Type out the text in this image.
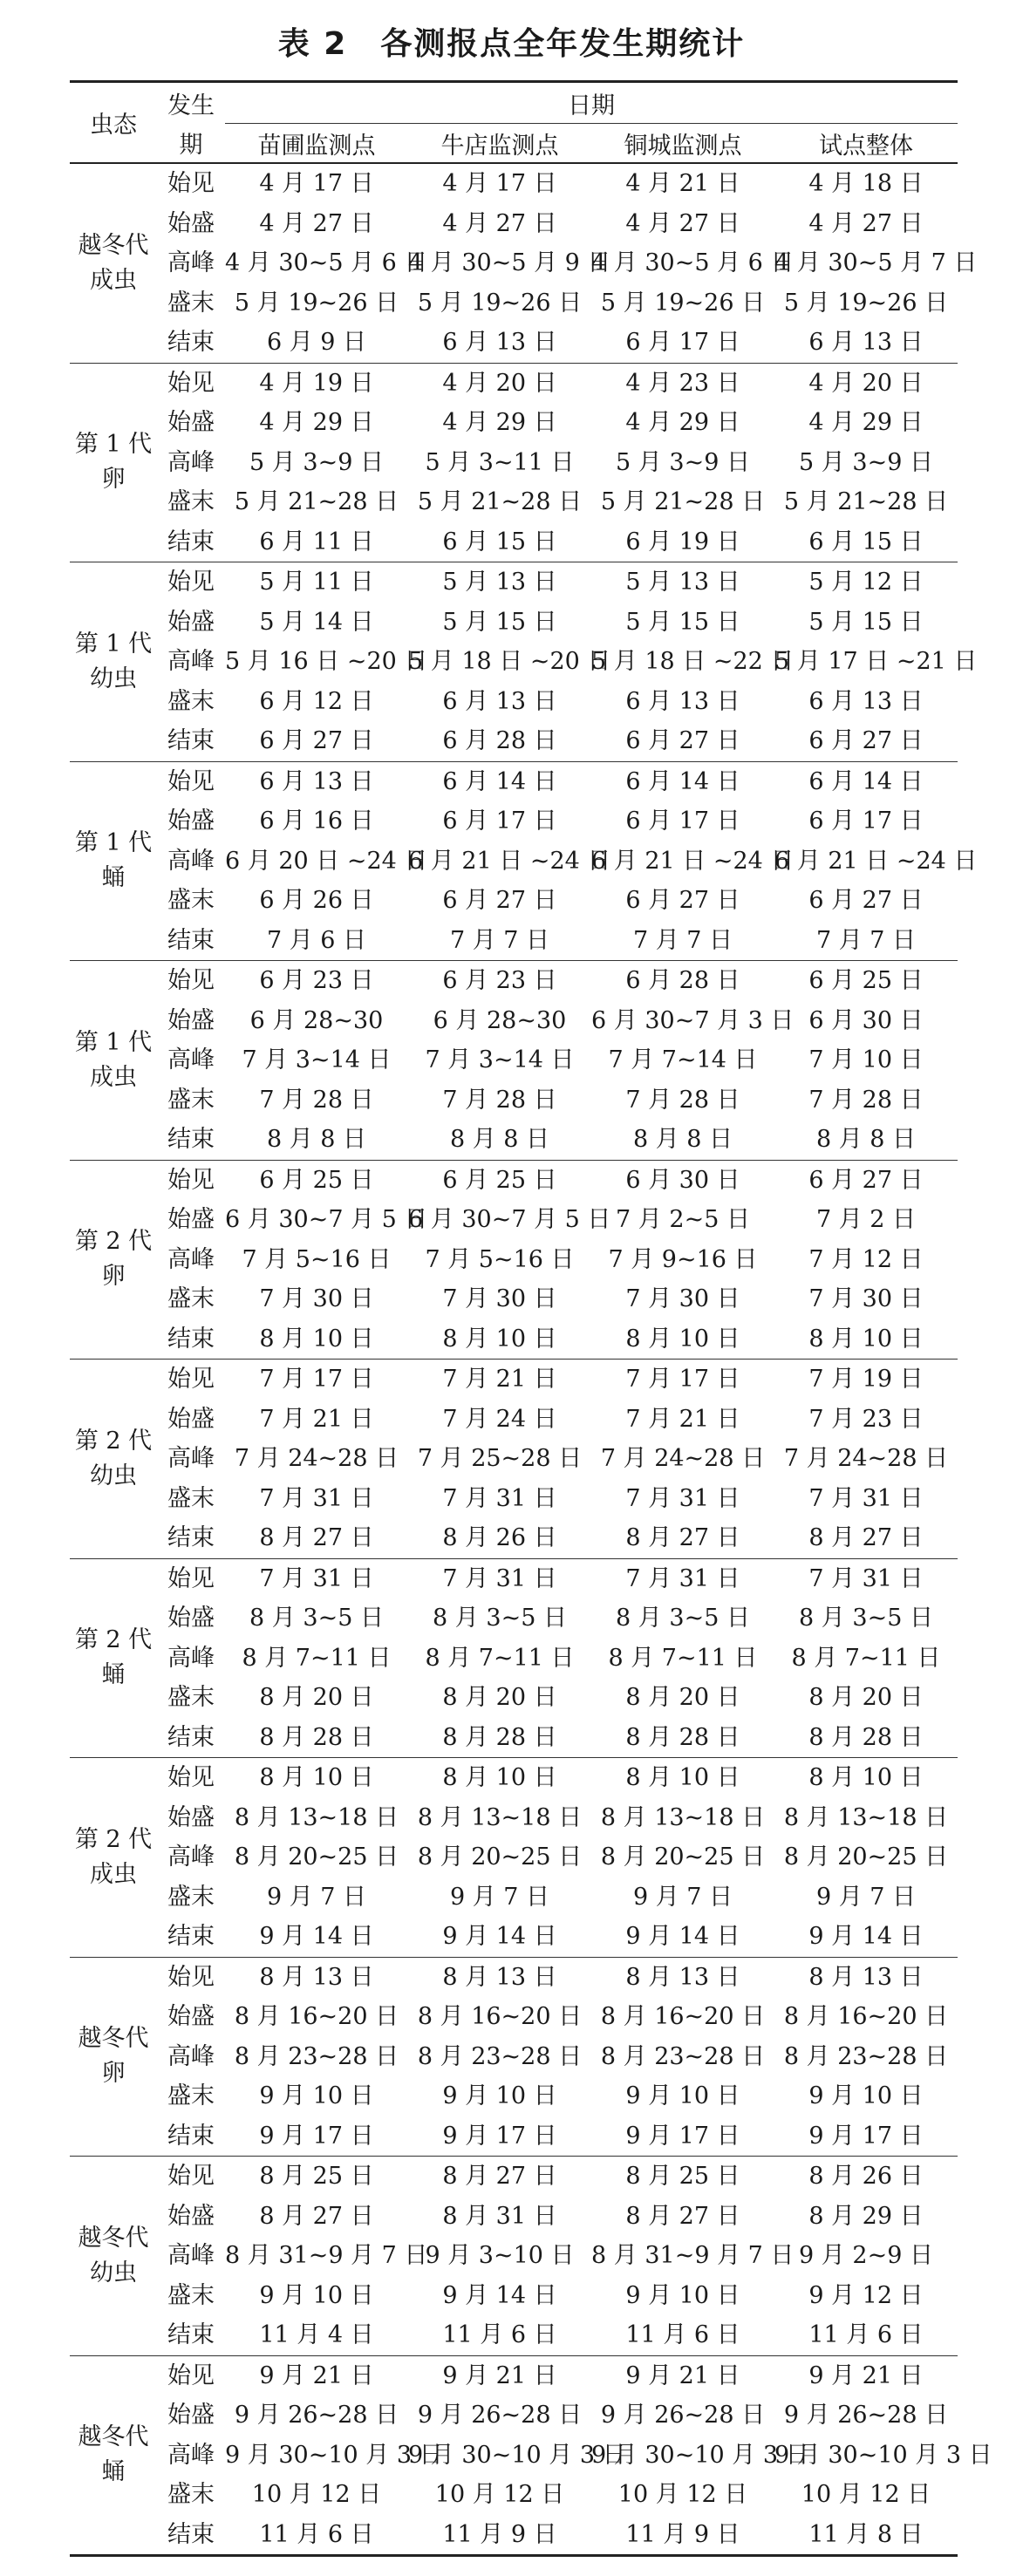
表 2　各测报点全年发生期统计
虫态	发生	日期			
	期	苗圃监测点	牛店监测点	铜城监测点	试点整体

越冬代
成虫	始见	4 月 17 日	4 月 17 日	4 月 21 日	4 月 18 日
	始盛	4 月 27 日	4 月 27 日	4 月 27 日	4 月 27 日
	高峰	4 月 30~5 月 6 日	4 月 30~5 月 9 日	4 月 30~5 月 6 日	4 月 30~5 月 7 日
	盛末	5 月 19~26 日	5 月 19~26 日	5 月 19~26 日	5 月 19~26 日
	结束	6 月 9 日	6 月 13 日	6 月 17 日	6 月 13 日

第 1 代
卵	始见	4 月 19 日	4 月 20 日	4 月 23 日	4 月 20 日
	始盛	4 月 29 日	4 月 29 日	4 月 29 日	4 月 29 日
	高峰	5 月 3~9 日	5 月 3~11 日	5 月 3~9 日	5 月 3~9 日
	盛末	5 月 21~28 日	5 月 21~28 日	5 月 21~28 日	5 月 21~28 日
	结束	6 月 11 日	6 月 15 日	6 月 19 日	6 月 15 日

第 1 代
幼虫	始见	5 月 11 日	5 月 13 日	5 月 13 日	5 月 12 日
	始盛	5 月 14 日	5 月 15 日	5 月 15 日	5 月 15 日
	高峰	5 月 16 日 ~20 日	5 月 18 日 ~20 日	5 月 18 日 ~22 日	5 月 17 日 ~21 日
	盛末	6 月 12 日	6 月 13 日	6 月 13 日	6 月 13 日
	结束	6 月 27 日	6 月 28 日	6 月 27 日	6 月 27 日

第 1 代
蛹	始见	6 月 13 日	6 月 14 日	6 月 14 日	6 月 14 日
	始盛	6 月 16 日	6 月 17 日	6 月 17 日	6 月 17 日
	高峰	6 月 20 日 ~24 日	6 月 21 日 ~24 日	6 月 21 日 ~24 日	6 月 21 日 ~24 日
	盛末	6 月 26 日	6 月 27 日	6 月 27 日	6 月 27 日
	结束	7 月 6 日	7 月 7 日	7 月 7 日	7 月 7 日

第 1 代
成虫	始见	6 月 23 日	6 月 23 日	6 月 28 日	6 月 25 日
	始盛	6 月 28~30	6 月 28~30	6 月 30~7 月 3 日	6 月 30 日
	高峰	7 月 3~14 日	7 月 3~14 日	7 月 7~14 日	7 月 10 日
	盛末	7 月 28 日	7 月 28 日	7 月 28 日	7 月 28 日
	结束	8 月 8 日	8 月 8 日	8 月 8 日	8 月 8 日

第 2 代
卵	始见	6 月 25 日	6 月 25 日	6 月 30 日	6 月 27 日
	始盛	6 月 30~7 月 5 日	6 月 30~7 月 5 日	7 月 2~5 日	7 月 2 日
	高峰	7 月 5~16 日	7 月 5~16 日	7 月 9~16 日	7 月 12 日
	盛末	7 月 30 日	7 月 30 日	7 月 30 日	7 月 30 日
	结束	8 月 10 日	8 月 10 日	8 月 10 日	8 月 10 日

第 2 代
幼虫	始见	7 月 17 日	7 月 21 日	7 月 17 日	7 月 19 日
	始盛	7 月 21 日	7 月 24 日	7 月 21 日	7 月 23 日
	高峰	7 月 24~28 日	7 月 25~28 日	7 月 24~28 日	7 月 24~28 日
	盛末	7 月 31 日	7 月 31 日	7 月 31 日	7 月 31 日
	结束	8 月 27 日	8 月 26 日	8 月 27 日	8 月 27 日

第 2 代
蛹	始见	7 月 31 日	7 月 31 日	7 月 31 日	7 月 31 日
	始盛	8 月 3~5 日	8 月 3~5 日	8 月 3~5 日	8 月 3~5 日
	高峰	8 月 7~11 日	8 月 7~11 日	8 月 7~11 日	8 月 7~11 日
	盛末	8 月 20 日	8 月 20 日	8 月 20 日	8 月 20 日
	结束	8 月 28 日	8 月 28 日	8 月 28 日	8 月 28 日

第 2 代
成虫	始见	8 月 10 日	8 月 10 日	8 月 10 日	8 月 10 日
	始盛	8 月 13~18 日	8 月 13~18 日	8 月 13~18 日	8 月 13~18 日
	高峰	8 月 20~25 日	8 月 20~25 日	8 月 20~25 日	8 月 20~25 日
	盛末	9 月 7 日	9 月 7 日	9 月 7 日	9 月 7 日
	结束	9 月 14 日	9 月 14 日	9 月 14 日	9 月 14 日

越冬代
卵	始见	8 月 13 日	8 月 13 日	8 月 13 日	8 月 13 日
	始盛	8 月 16~20 日	8 月 16~20 日	8 月 16~20 日	8 月 16~20 日
	高峰	8 月 23~28 日	8 月 23~28 日	8 月 23~28 日	8 月 23~28 日
	盛末	9 月 10 日	9 月 10 日	9 月 10 日	9 月 10 日
	结束	9 月 17 日	9 月 17 日	9 月 17 日	9 月 17 日

越冬代
幼虫	始见	8 月 25 日	8 月 27 日	8 月 25 日	8 月 26 日
	始盛	8 月 27 日	8 月 31 日	8 月 27 日	8 月 29 日
	高峰	8 月 31~9 月 7 日	9 月 3~10 日	8 月 31~9 月 7 日	9 月 2~9 日
	盛末	9 月 10 日	9 月 14 日	9 月 10 日	9 月 12 日
	结束	11 月 4 日	11 月 6 日	11 月 6 日	11 月 6 日

越冬代
蛹	始见	9 月 21 日	9 月 21 日	9 月 21 日	9 月 21 日
	始盛	9 月 26~28 日	9 月 26~28 日	9 月 26~28 日	9 月 26~28 日
	高峰	9 月 30~10 月 3 日	9 月 30~10 月 3 日	9 月 30~10 月 3 日	9 月 30~10 月 3 日
	盛末	10 月 12 日	10 月 12 日	10 月 12 日	10 月 12 日
	结束	11 月 6 日	11 月 9 日	11 月 9 日	11 月 8 日
